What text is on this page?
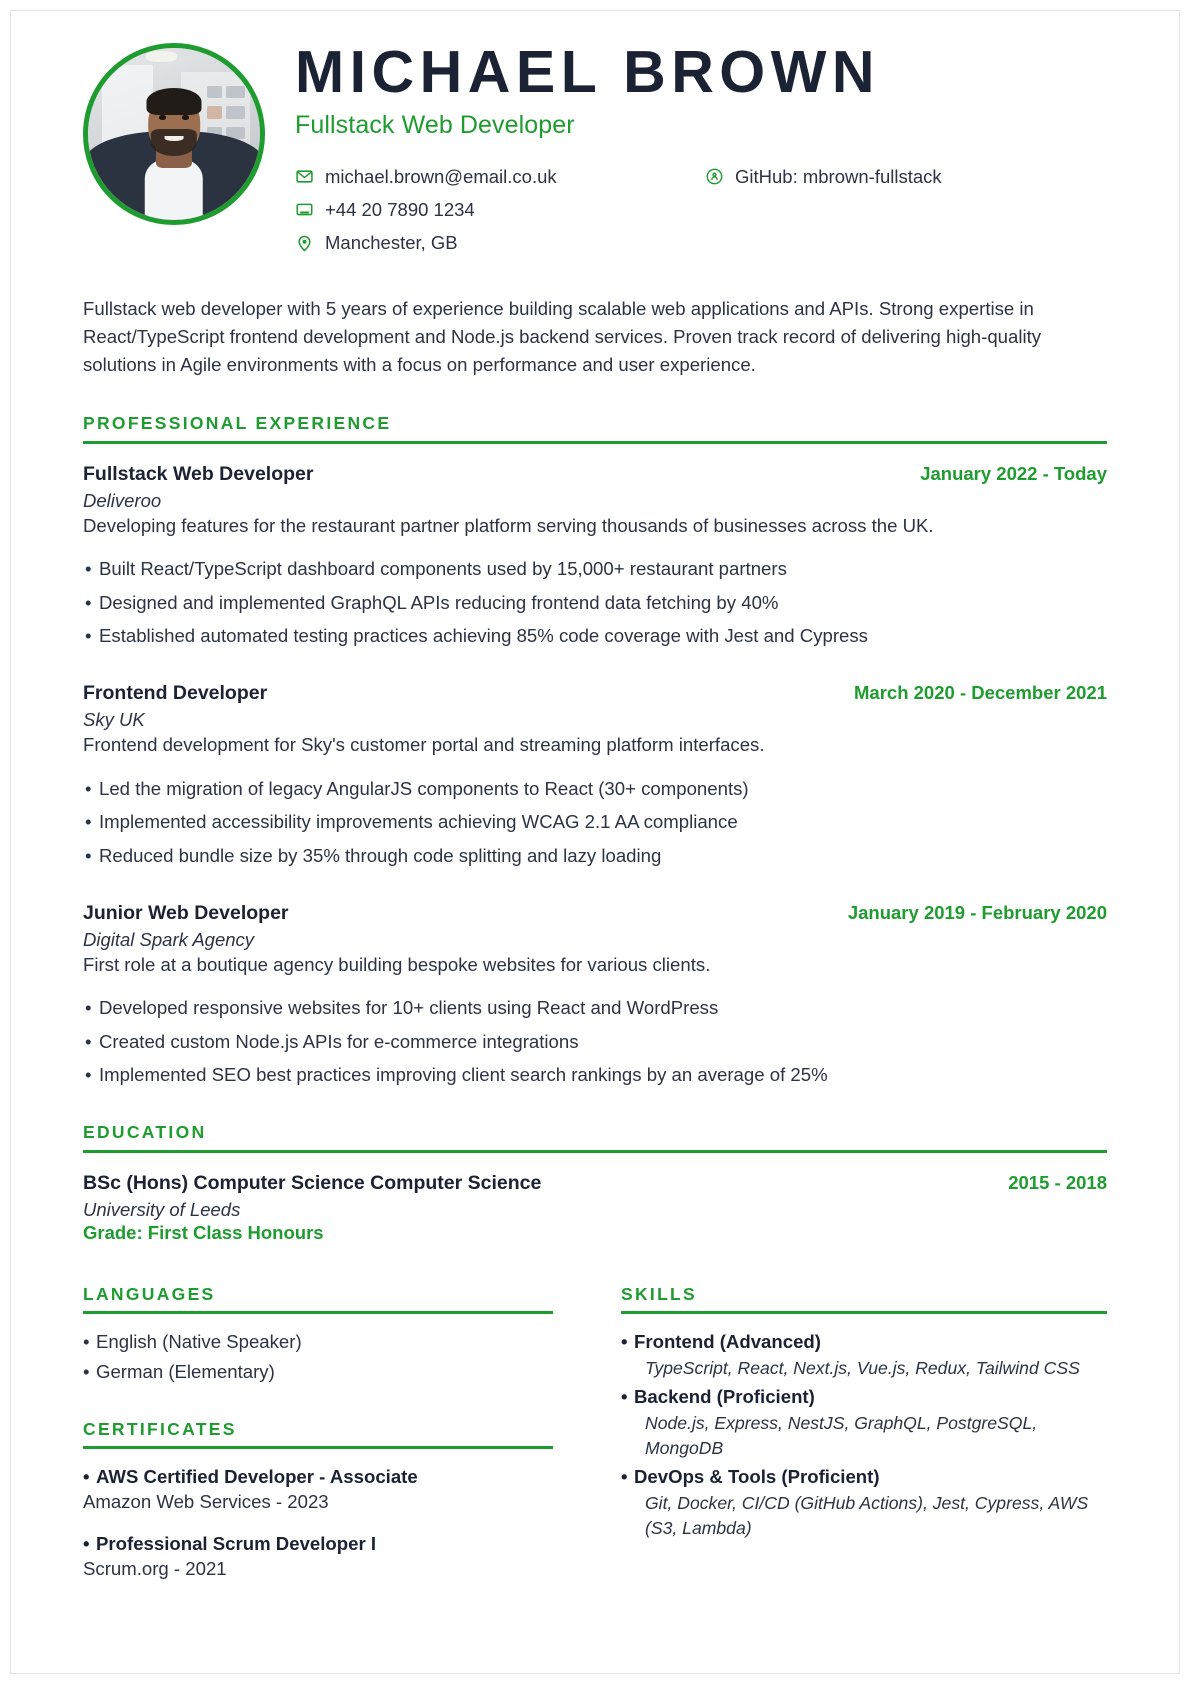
MICHAEL BROWN
Fullstack Web Developer
michael.brown@email.co.uk
+44 20 7890 1234
Manchester, GB
GitHub: mbrown-fullstack
Fullstack web developer with 5 years of experience building scalable web applications and APIs. Strong expertise in React/TypeScript frontend development and Node.js backend services. Proven track record of delivering high-quality solutions in Agile environments with a focus on performance and user experience.
PROFESSIONAL EXPERIENCE
Fullstack Web Developer	January 2022 - Today
Deliveroo
Developing features for the restaurant partner platform serving thousands of businesses across the UK.
• Built React/TypeScript dashboard components used by 15,000+ restaurant partners
• Designed and implemented GraphQL APIs reducing frontend data fetching by 40%
• Established automated testing practices achieving 85% code coverage with Jest and Cypress
Frontend Developer	March 2020 - December 2021
Sky UK
Frontend development for Sky's customer portal and streaming platform interfaces.
• Led the migration of legacy AngularJS components to React (30+ components)
• Implemented accessibility improvements achieving WCAG 2.1 AA compliance
• Reduced bundle size by 35% through code splitting and lazy loading
Junior Web Developer	January 2019 - February 2020
Digital Spark Agency
First role at a boutique agency building bespoke websites for various clients.
• Developed responsive websites for 10+ clients using React and WordPress
• Created custom Node.js APIs for e-commerce integrations
• Implemented SEO best practices improving client search rankings by an average of 25%
EDUCATION
BSc (Hons) Computer Science Computer Science	2015 - 2018
University of Leeds
Grade: First Class Honours
LANGUAGES
• English (Native Speaker)
• German (Elementary)
CERTIFICATES
• AWS Certified Developer - Associate
Amazon Web Services - 2023
• Professional Scrum Developer I
Scrum.org - 2021
SKILLS
• Frontend (Advanced)
TypeScript, React, Next.js, Vue.js, Redux, Tailwind CSS
• Backend (Proficient)
Node.js, Express, NestJS, GraphQL, PostgreSQL, MongoDB
• DevOps & Tools (Proficient)
Git, Docker, CI/CD (GitHub Actions), Jest, Cypress, AWS (S3, Lambda)
